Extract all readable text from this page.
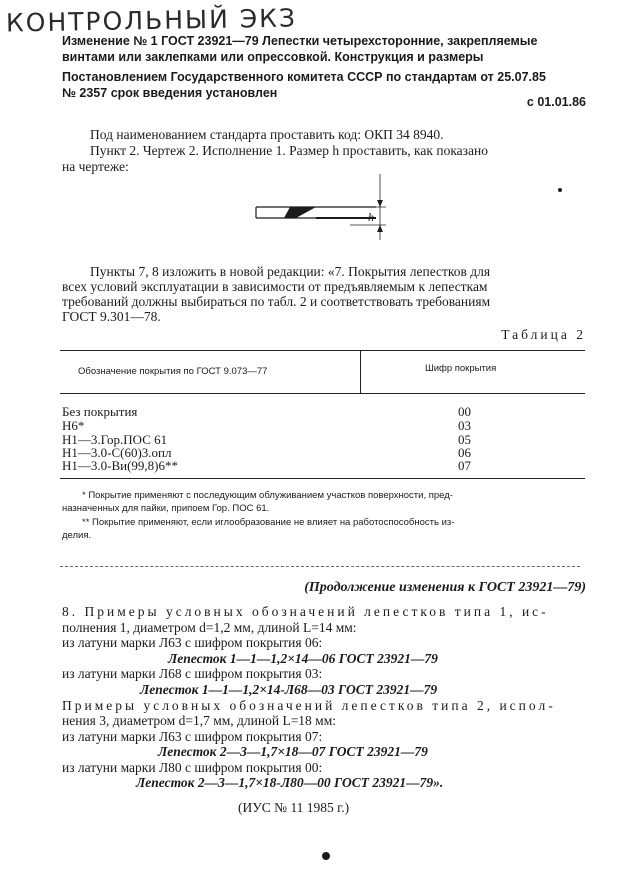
КОНТРОЛЬНЫЙ ЭКЗ
Изменение № 1 ГОСТ 23921—79 Лепестки четырехсторонние, закрепляемые
винтами или заклепками или опрессовкой. Конструкция и размеры
Постановлением Государственного комитета СССР по стандартам от 25.07.85
№ 2357 срок введения установлен
с 01.01.86
Под наименованием стандарта проставить код: ОКП 34 8940.
Пункт 2. Чертеж 2. Исполнение 1. Размер h проставить, как показано
на чертеже:
h
Пункты 7, 8 изложить в новой редакции: «7. Покрытия лепестков для
всех условий эксплуатации в зависимости от предъявляемым к лепесткам
требований должны выбираться по табл. 2 и соответствовать требованиям
ГОСТ 9.301—78.
Таблица 2
Обозначение покрытия по ГОСТ 9.073—77	Шифр покрытия
Без покрытия	00
Н6*	03
Н1—3.Гор.ПОС 61	05
Н1—3.0-С(60)3.опл	06
Н1—3.0-Ви(99,8)6**	07
* Покрытие применяют с последующим облуживанием участков поверхности, пред-
назначенных для пайки, припоем Гор. ПОС 61.
** Покрытие применяют, если иглообразование не влияет на работоспособность из-
делия.
(Продолжение изменения к ГОСТ 23921—79)
8. Примеры условных обозначений лепестков типа 1, ис-
полнения 1, диаметром d=1,2 мм, длиной L=14 мм:
из латуни марки Л63 с шифром покрытия 06:
Лепесток 1—1—1,2×14—06 ГОСТ 23921—79
из латуни марки Л68 с шифром покрытия 03:
Лепесток 1—1—1,2×14-Л68—03 ГОСТ 23921—79
Примеры условных обозначений лепестков типа 2, испол-
нения 3, диаметром d=1,7 мм, длиной L=18 мм:
из латуни марки Л63 с шифром покрытия 07:
Лепесток 2—3—1,7×18—07 ГОСТ 23921—79
из латуни марки Л80 с шифром покрытия 00:
Лепесток 2—3—1,7×18-Л80—00 ГОСТ 23921—79».
(ИУС № 11 1985 г.)
